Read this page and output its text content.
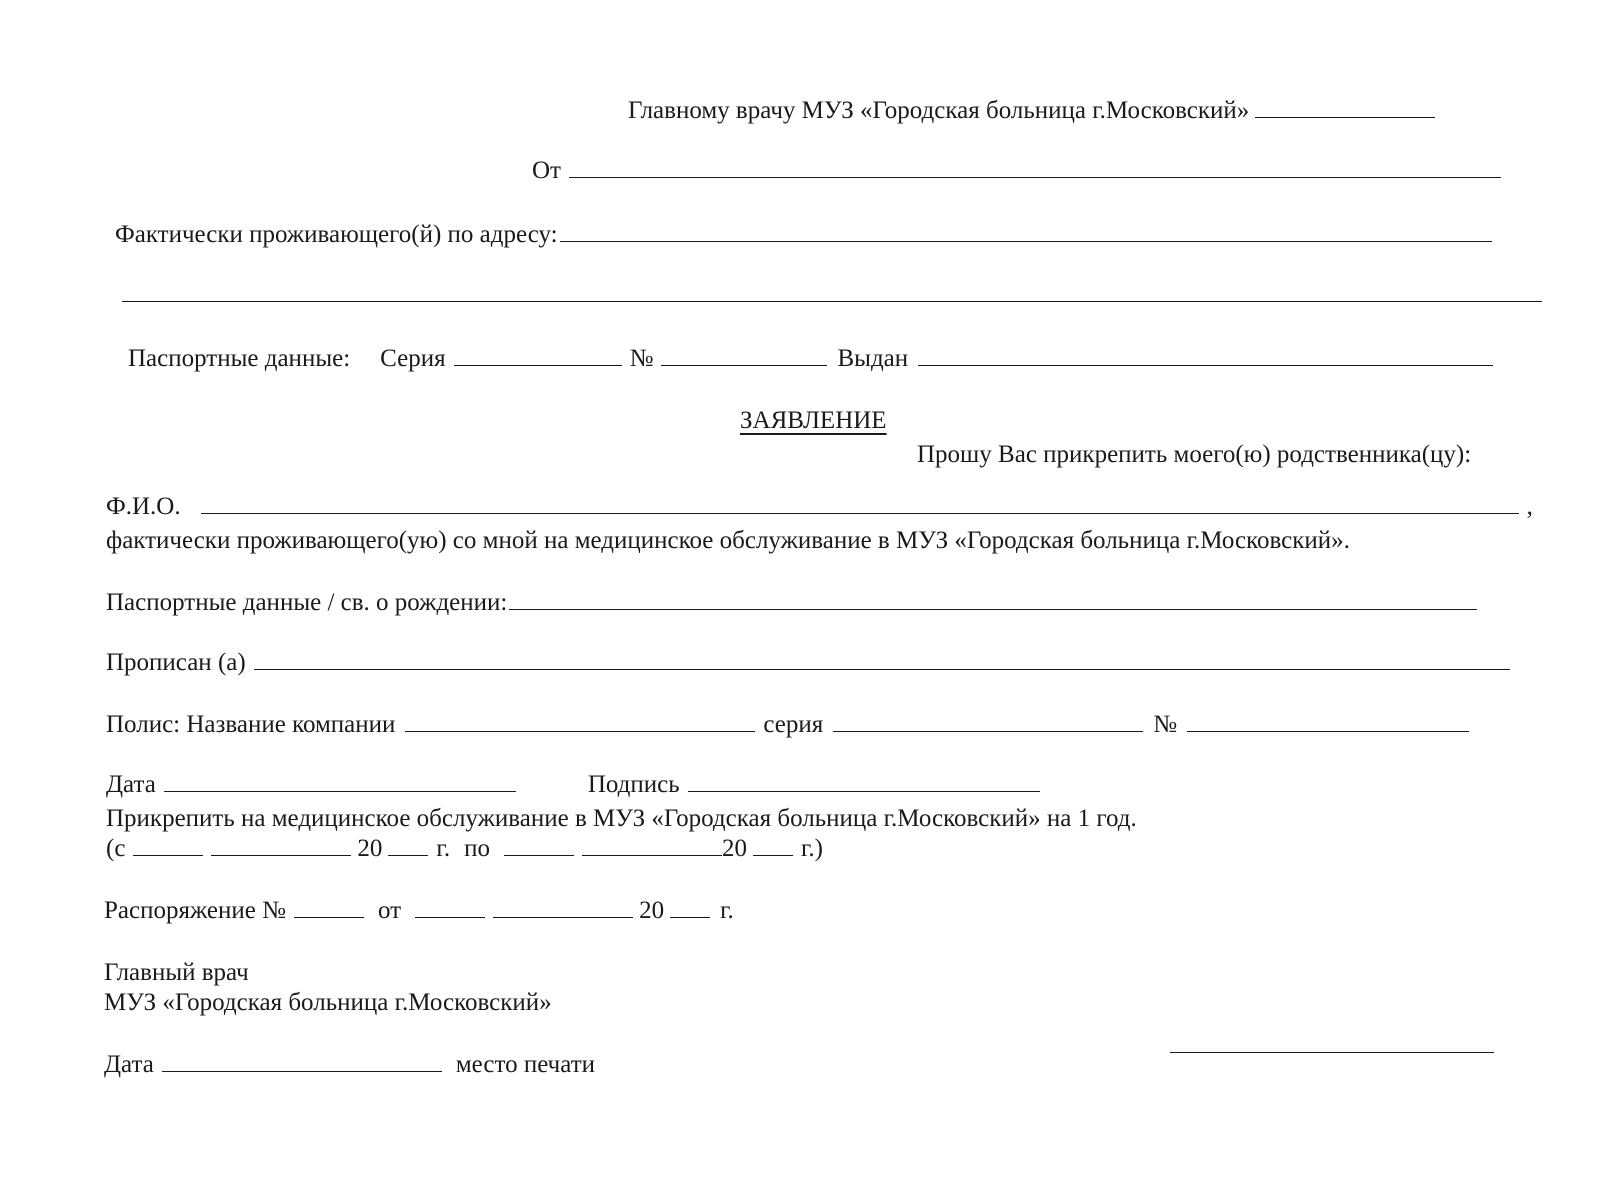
Главному врачу МУЗ «Городская больница г.Московский»
От
Фактически проживающего(й) по адресу:
Паспортные данные: Серия	№	Выдан
ЗАЯВЛЕНИЕ
Прошу Вас прикрепить моего(ю) родственника(цу):
Ф.И.О.	,
фактически проживающего(ую) со мной на медицинское обслуживание в МУЗ «Городская больница г.Московский».
Паспортные данные / св. о рождении:
Прописан (а)
Полис: Название компании	серия	№
Дата	Подпись
Прикрепить на медицинское обслуживание в МУЗ «Городская больница г.Московский» на 1 год.
(с	20 г. по	20 г.)
Распоряжение №	от	20 г.
Главный врач
МУЗ «Городская больница г.Московский»
Дата	место печати
